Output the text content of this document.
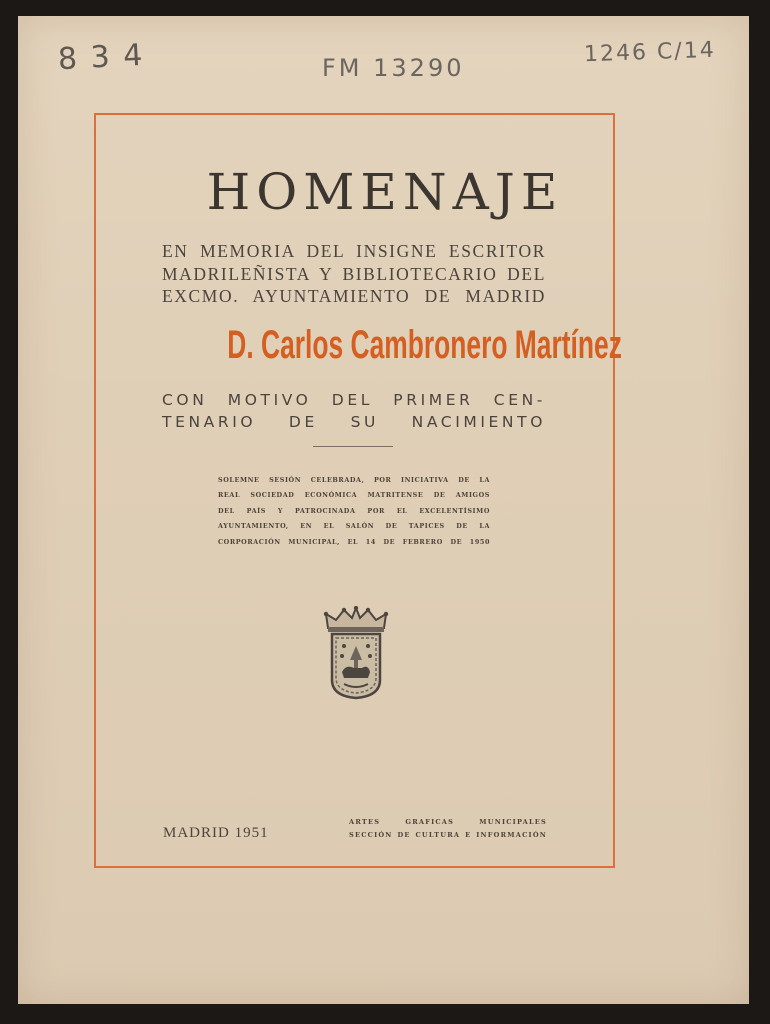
8 3 4	FM 13290
1246 C/14
HOMENAJE
EN MEMORIA DEL INSIGNE ESCRITOR
MADRILEÑISTA Y BIBLIOTECARIO DEL
EXCMO. AYUNTAMIENTO DE MADRID
D. Carlos Cambronero Martínez
CON MOTIVO DEL PRIMER CEN-
TENARIO DE SU NACIMIENTO
SOLEMNE SESIÓN CELEBRADA, POR INICIATIVA DE LA
REAL SOCIEDAD ECONÓMICA MATRITENSE DE AMIGOS
DEL PAÍS Y PATROCINADA POR EL EXCELENTÍSIMO
AYUNTAMIENTO, EN EL SALÓN DE TAPICES DE LA
CORPORACIÓN MUNICIPAL, EL 14 DE FEBRERO DE 1950
MADRID 1951
ARTES GRAFICAS MUNICIPALES
SECCIÓN DE CULTURA E INFORMACIÓN
